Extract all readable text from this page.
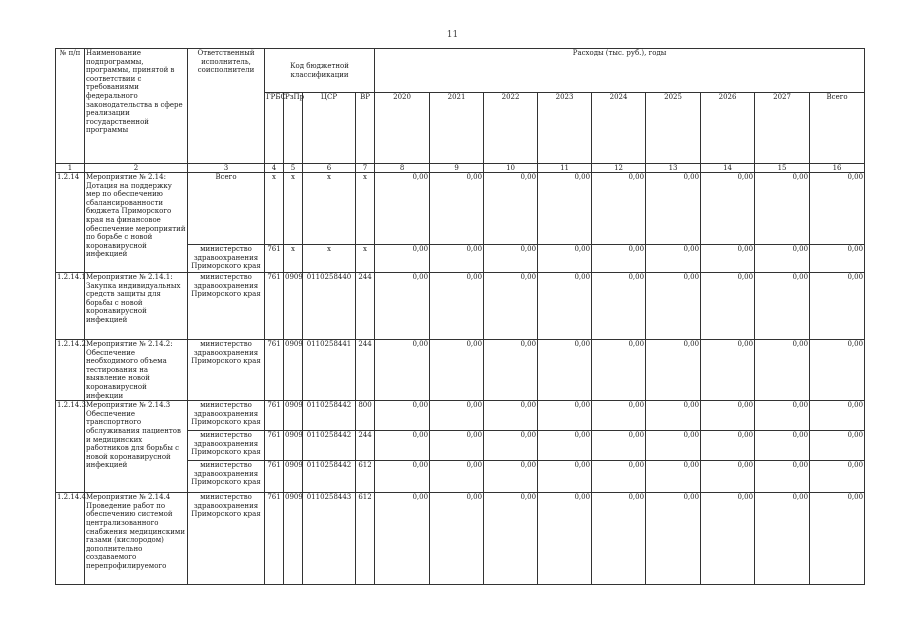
11
№ п/п	Наименование подпрограммы, программы, принятой в соответствии с требованиями федерального законодательства в сфере реализации государственной программы	Ответственный исполнитель, соисполнители	Код бюджетной классификации				Расходы (тыс. руб.), годы								
			ГРБС	РзПр	ЦСР	ВР	2020	2021	2022	2023	2024	2025	2026	2027	Всего
1	2	3	4	5	6	7	8	9	10	11	12	13	14	15	16
1.2.14	Мероприятие № 2.14: Дотация на поддержку мер по обеспечению сбалансированности бюджета Приморского края на финансовое обеспечение мероприятий по борьбе с новой коронавирусной инфекцией	Всего	x	x	x	x	0,00	0,00	0,00	0,00	0,00	0,00	0,00	0,00	0,00
		министерство здравоохранения Приморского края	761	x	x	x	0,00	0,00	0,00	0,00	0,00	0,00	0,00	0,00	0,00
1.2.14.1	Мероприятие № 2.14.1: Закупка индивидуальных средств защиты для борьбы с новой коронавирусной инфекцией	министерство здравоохранения Приморского края	761	0909	0110258440	244	0,00	0,00	0,00	0,00	0,00	0,00	0,00	0,00	0,00
1.2.14.2	Мероприятие № 2.14.2: Обеспечение необходимого объема тестирования на выявление новой коронавирусной инфекции	министерство здравоохранения Приморского края	761	0909	0110258441	244	0,00	0,00	0,00	0,00	0,00	0,00	0,00	0,00	0,00
1.2.14.3	Мероприятие № 2.14.3 Обеспечение транспортного обслуживания пациентов и медицинских работников для борьбы с новой коронавирусной инфекцией	министерство здравоохранения Приморского края	761	0909	0110258442	800	0,00	0,00	0,00	0,00	0,00	0,00	0,00	0,00	0,00
		министерство здравоохранения Приморского края	761	0909	0110258442	244	0,00	0,00	0,00	0,00	0,00	0,00	0,00	0,00	0,00
		министерство здравоохранения Приморского края	761	0909	0110258442	612	0,00	0,00	0,00	0,00	0,00	0,00	0,00	0,00	0,00
1.2.14.4	Мероприятие № 2.14.4 Проведение работ по обеспечению системой централизованного снабжения медицинскими газами (кислородом) дополнительно создаваемого перепрофилируемого	министерство здравоохранения Приморского края	761	0909	0110258443	612	0,00	0,00	0,00	0,00	0,00	0,00	0,00	0,00	0,00
